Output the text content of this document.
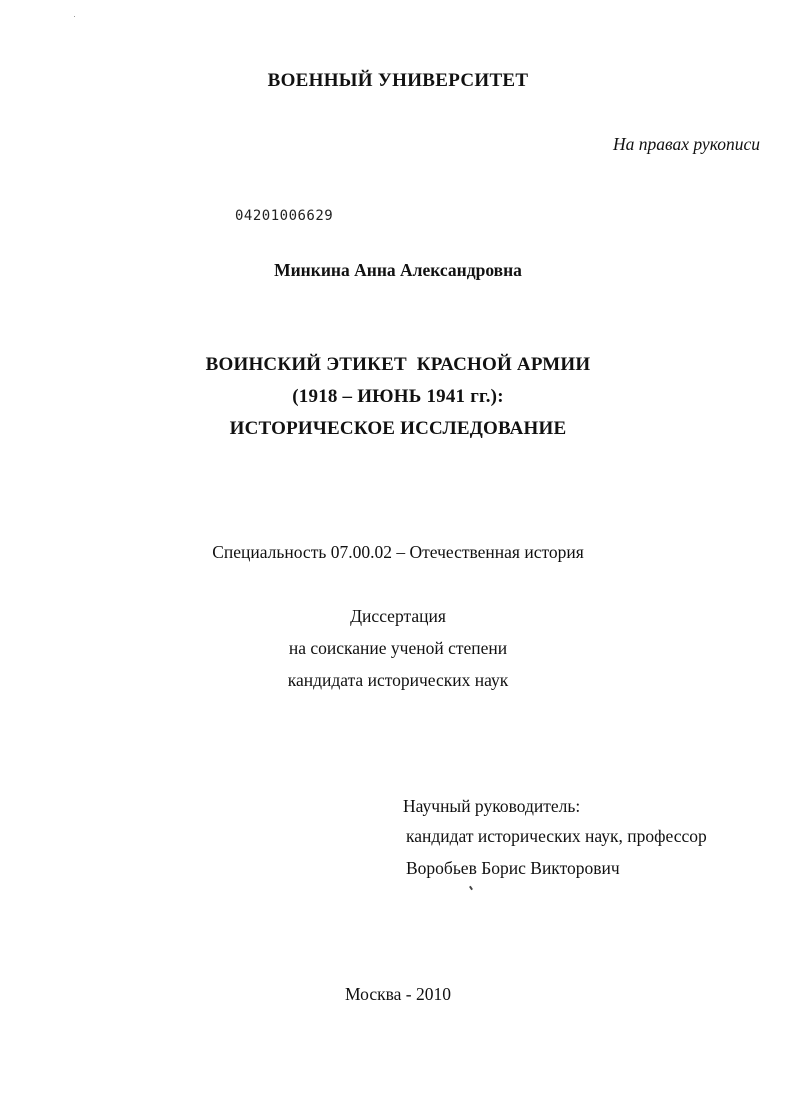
ВОЕННЫЙ УНИВЕРСИТЕТ
На правах рукописи
04201006629
Минкина Анна Александровна
ВОИНСКИЙ ЭТИКЕТ  КРАСНОЙ АРМИИ
(1918 – ИЮНЬ 1941 гг.):
ИСТОРИЧЕСКОЕ ИССЛЕДОВАНИЕ
Специальность 07.00.02 – Отечественная история
Диссертация
на соискание ученой степени
кандидата исторических наук
Научный руководитель:
кандидат исторических наук, профессор
Воробьев Борис Викторович
Москва - 2010
